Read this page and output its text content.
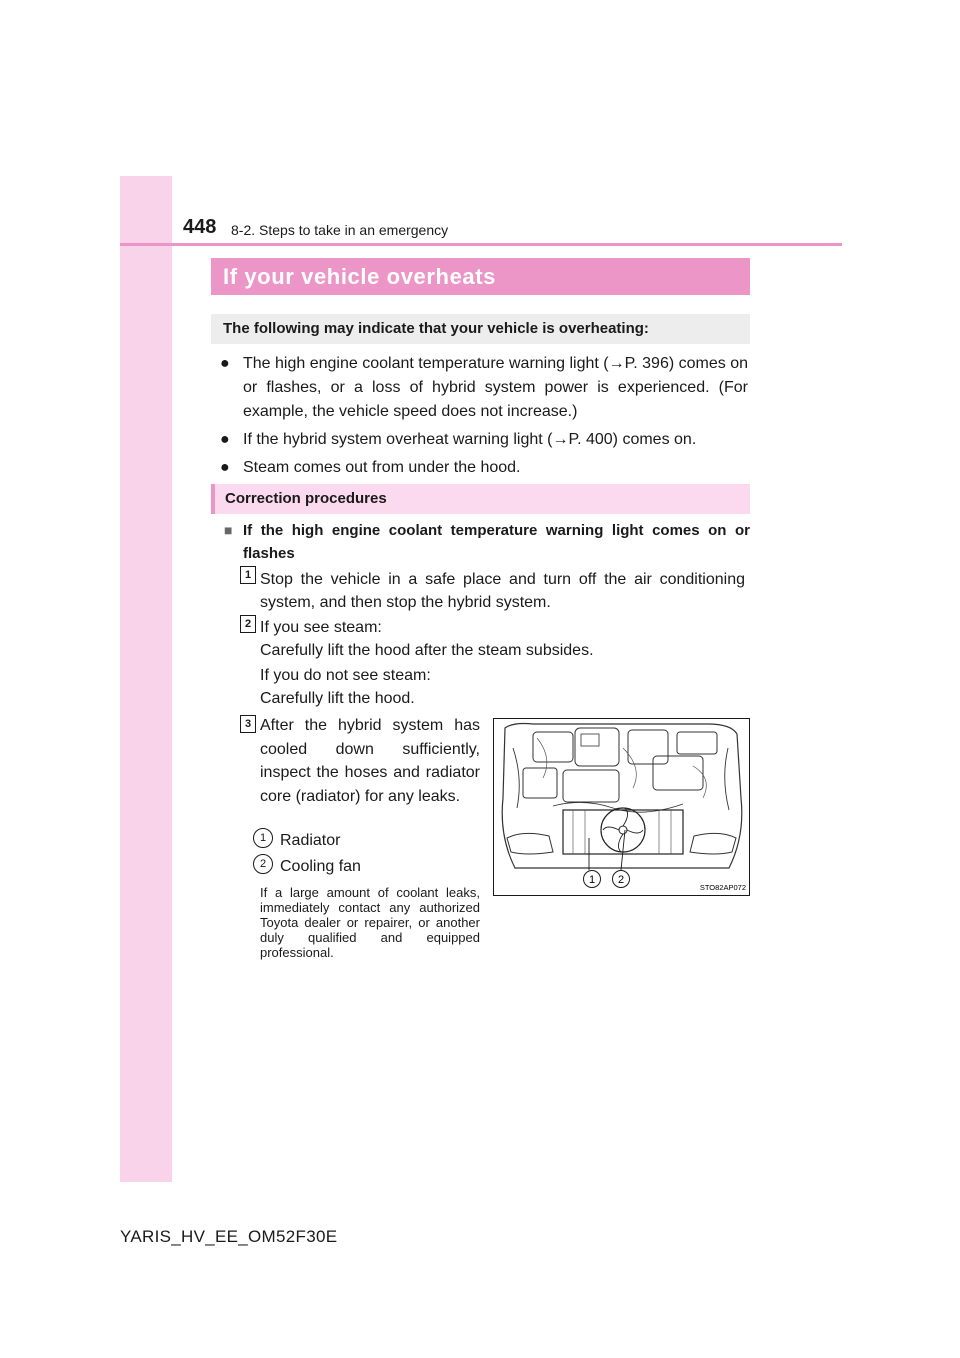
448 8-2. Steps to take in an emergency
If your vehicle overheats
The following may indicate that your vehicle is overheating:
● The high engine coolant temperature warning light (→P. 396) comes on or flashes, or a loss of hybrid system power is experienced. (For example, the vehicle speed does not increase.)
● If the hybrid system overheat warning light (→P. 400) comes on.
● Steam comes out from under the hood.
Correction procedures
■ If the high engine coolant temperature warning light comes on or flashes
1 Stop the vehicle in a safe place and turn off the air conditioning system, and then stop the hybrid system.
2 If you see steam:
Carefully lift the hood after the steam subsides.
If you do not see steam:
Carefully lift the hood.
3 After the hybrid system has cooled down sufficiently, inspect the hoses and radiator core (radiator) for any leaks.
1 Radiator
2 Cooling fan
If a large amount of coolant leaks, immediately contact any authorized Toyota dealer or repairer, or another duly qualified and equipped professional.
1 2
STO82AP072
YARIS_HV_EE_OM52F30E
